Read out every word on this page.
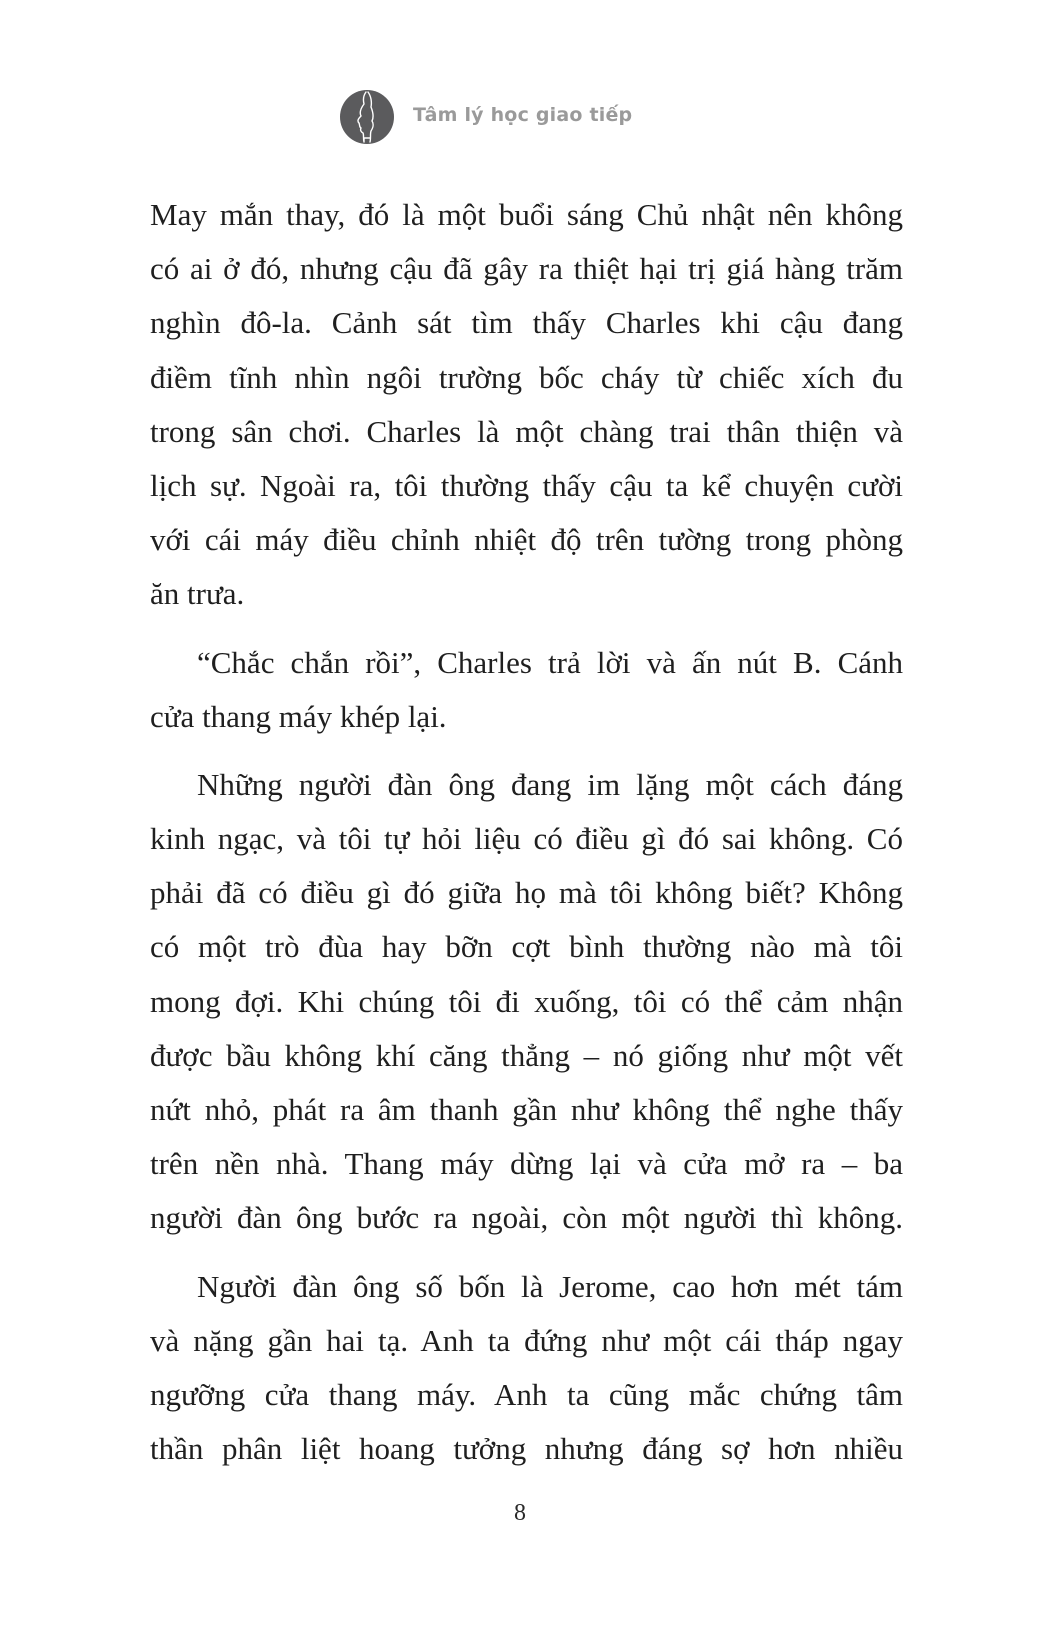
Tâm lý học giao tiếp
May mắn thay, đó là một buổi sáng Chủ nhật nên không
có ai ở đó, nhưng cậu đã gây ra thiệt hại trị giá hàng trăm
nghìn đô-la. Cảnh sát tìm thấy Charles khi cậu đang
điềm tĩnh nhìn ngôi trường bốc cháy từ chiếc xích đu
trong sân chơi. Charles là một chàng trai thân thiện và
lịch sự. Ngoài ra, tôi thường thấy cậu ta kể chuyện cười
với cái máy điều chỉnh nhiệt độ trên tường trong phòng
ăn trưa.
“Chắc chắn rồi”, Charles trả lời và ấn nút B. Cánh
cửa thang máy khép lại.
Những người đàn ông đang im lặng một cách đáng
kinh ngạc, và tôi tự hỏi liệu có điều gì đó sai không. Có
phải đã có điều gì đó giữa họ mà tôi không biết? Không
có một trò đùa hay bỡn cợt bình thường nào mà tôi
mong đợi. Khi chúng tôi đi xuống, tôi có thể cảm nhận
được bầu không khí căng thẳng – nó giống như một vết
nứt nhỏ, phát ra âm thanh gần như không thể nghe thấy
trên nền nhà. Thang máy dừng lại và cửa mở ra – ba
người đàn ông bước ra ngoài, còn một người thì không.
Người đàn ông số bốn là Jerome, cao hơn mét tám
và nặng gần hai tạ. Anh ta đứng như một cái tháp ngay
ngưỡng cửa thang máy. Anh ta cũng mắc chứng tâm
thần phân liệt hoang tưởng nhưng đáng sợ hơn nhiều
8
